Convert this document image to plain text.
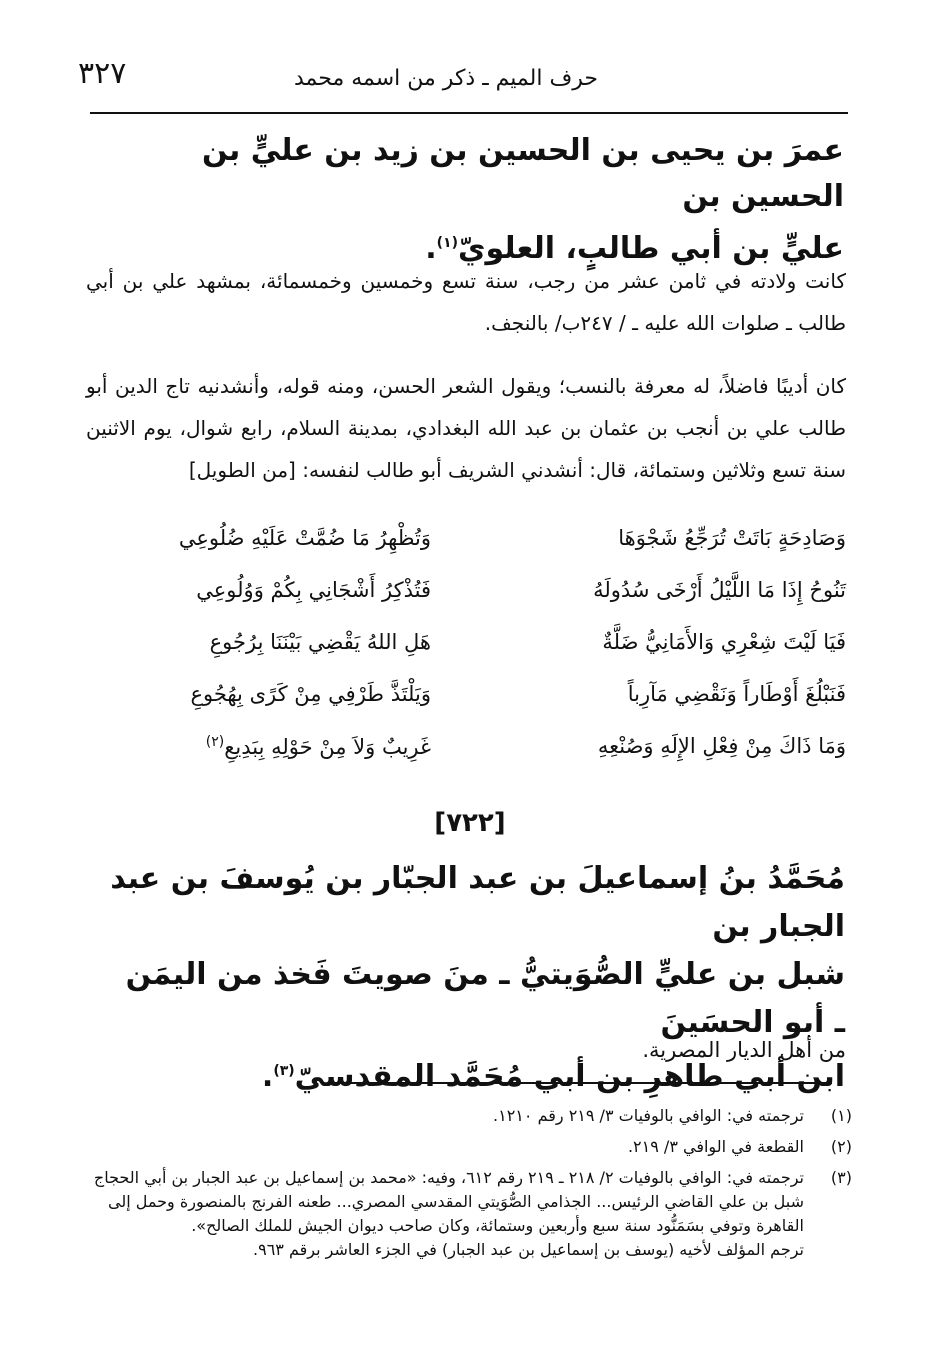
٣٢٧	حرف الميم ـ ذكر من اسمه محمد
عمرَ بن يحيى بن الحسين بن زيد بن عليٍّ بن الحسين بن
عليٍّ بن أبي طالبٍ، العلويّ$^{(١)}$.

كانت ولادته في ثامن عشر من رجب، سنة تسع وخمسين وخمسمائة، بمشهد علي بن أبي طالب ـ صلوات الله عليه ـ / ٢٤٧ب/ بالنجف.

كان أديبًا فاضلاً، له معرفة بالنسب؛ ويقول الشعر الحسن، ومنه قوله، وأنشدنيه تاج الدين أبو طالب علي بن أنجب بن عثمان بن عبد الله البغدادي، بمدينة السلام، رابع شوال، يوم الاثنين سنة تسع وثلاثين وستمائة، قال: أنشدني الشريف أبو طالب لنفسه: [من الطويل]

وَصَادِحَةٍ بَاتَتْ تُرَجِّعُ شَجْوَهَا
وَتُظْهِرُ مَا ضُمَّتْ عَلَيْهِ ضُلُوعِي
تَنُوحُ إِذَا مَا اللَّيْلُ أَرْخَى سُدُولَهُ
فَتُذْكِرُ أَشْجَانِي بِكُمْ وَوُلُوعِي
فَيَا لَيْتَ شِعْرِي وَالأَمَانِيُّ ضَلَّةٌ
هَلِ اللهُ يَقْضِي بَيْنَنَا بِرُجُوعِ
فَنَبْلُغَ أَوْطَاراً وَنَقْضِي مَآرِباً
وَيَلْتَذَّ طَرْفِي مِنْ كَرًى بِهُجُوعِ
وَمَا ذَاكَ مِنْ فِعْلِ الإِلَهِ وَصُنْعِهِ
غَرِيبٌ وَلاَ مِنْ حَوْلِهِ بِبَدِيعِ$^{(٢)}$
[٧٢٢]
مُحَمَّدُ بنُ إسماعيلَ بن عبد الجبّار بن يُوسفَ بن عبد الجبار بن
شبل بن عليٍّ الصُّوَيتيُّ ـ منَ صويتَ فَخذ من اليمَن ـ أبو الحسَينَ
ابن أبي طاهرِ بن أبي مُحَمَّد المقدسيّ$^{(٣)}$.

من أهل الديار المصرية.

(١)
ترجمته في: الوافي بالوفيات ٣/ ٢١٩ رقم ١٢١٠.
(٢)
القطعة في الوافي ٣/ ٢١٩.
(٣)
ترجمته في: الوافي بالوفيات ٢/ ٢١٨ ـ ٢١٩ رقم ٦١٢، وفيه: «محمد بن إسماعيل بن عبد الجبار بن أبي الحجاج شبل بن علي القاضي الرئيس... الجذامي الصُّوَيتي المقدسي المصري... طعنه الفرنج بالمنصورة وحمل إلى القاهرة وتوفي بسَمَنُّود سنة سبع وأربعين وستمائة، وكان صاحب ديوان الجيش للملك الصالح».
ترجم المؤلف لأخيه (يوسف بن إسماعيل بن عبد الجبار) في الجزء العاشر برقم ٩٦٣.
